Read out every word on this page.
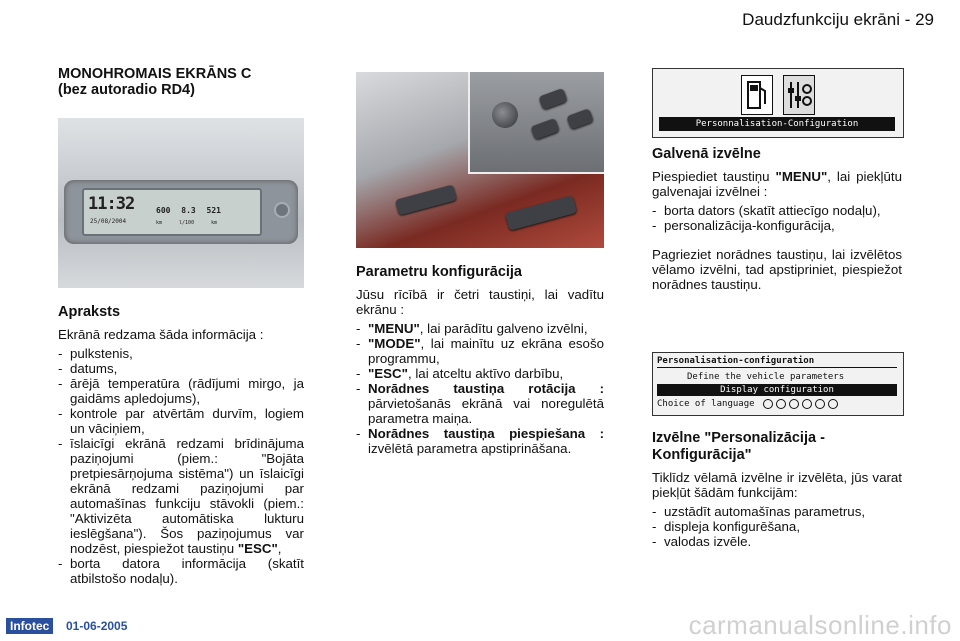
Daudzfunkciju ekrāni - 29
MONOHROMAIS EKRĀNS C
(bez autoradio RD4)
11:32
25/08/2004
600 8.3 521
km l/100 km
Apraksts
Ekrānā redzama šāda informācija :
- pulkstenis,
- datums,
- ārējā temperatūra (rādījumi mirgo, ja gaidāms apledojums),
- kontrole par atvērtām durvīm, logiem un vāciņiem,
- īslaicīgi ekrānā redzami brīdinājuma paziņojumi (piem.: "Bojāta pretpiesārņojuma sistēma") un īslaicīgi ekrānā redzami paziņojumi par automašīnas funkciju stāvokli (piem.: "Aktivizēta automātiska lukturu ieslēgšana"). Šos paziņojumus var nodzēst, piespiežot taustiņu "ESC",
- borta datora informācija (skatīt atbilstošo nodaļu).
Parametru konfigurācija
Jūsu rīcībā ir četri taustiņi, lai vadītu ekrānu :
- "MENU", lai parādītu galveno izvēlni,
- "MODE", lai mainītu uz ekrāna esošo programmu,
- "ESC", lai atceltu aktīvo darbību,
- Norādnes taustiņa rotācija : pārvietošanās ekrānā vai noregulētā parametra maiņa.
- Norādnes taustiņa piespiešana : izvēlētā parametra apstiprināšana.
Personnalisation-Configuration
Galvenā izvēlne
Piespiediet taustiņu "MENU", lai piekļūtu galvenajai izvēlnei :
- borta dators (skatīt attiecīgo nodaļu),
- personalizācija-konfigurācija,
Pagrieziet norādnes taustiņu, lai izvēlētos vēlamo izvēlni, tad apstipriniet, piespiežot norādnes taustiņu.
Personalisation-configuration
Define the vehicle parameters
Display configuration
Choice of language
Izvēlne "Personalizācija -
Konfigurācija"
Tiklīdz vēlamā izvēlne ir izvēlēta, jūs varat piekļūt šādām funkcijām:
- uzstādīt automašīnas parametrus,
- displeja konfigurēšana,
- valodas izvēle.
Infotec	01-06-2005	carmanualsonline.info
